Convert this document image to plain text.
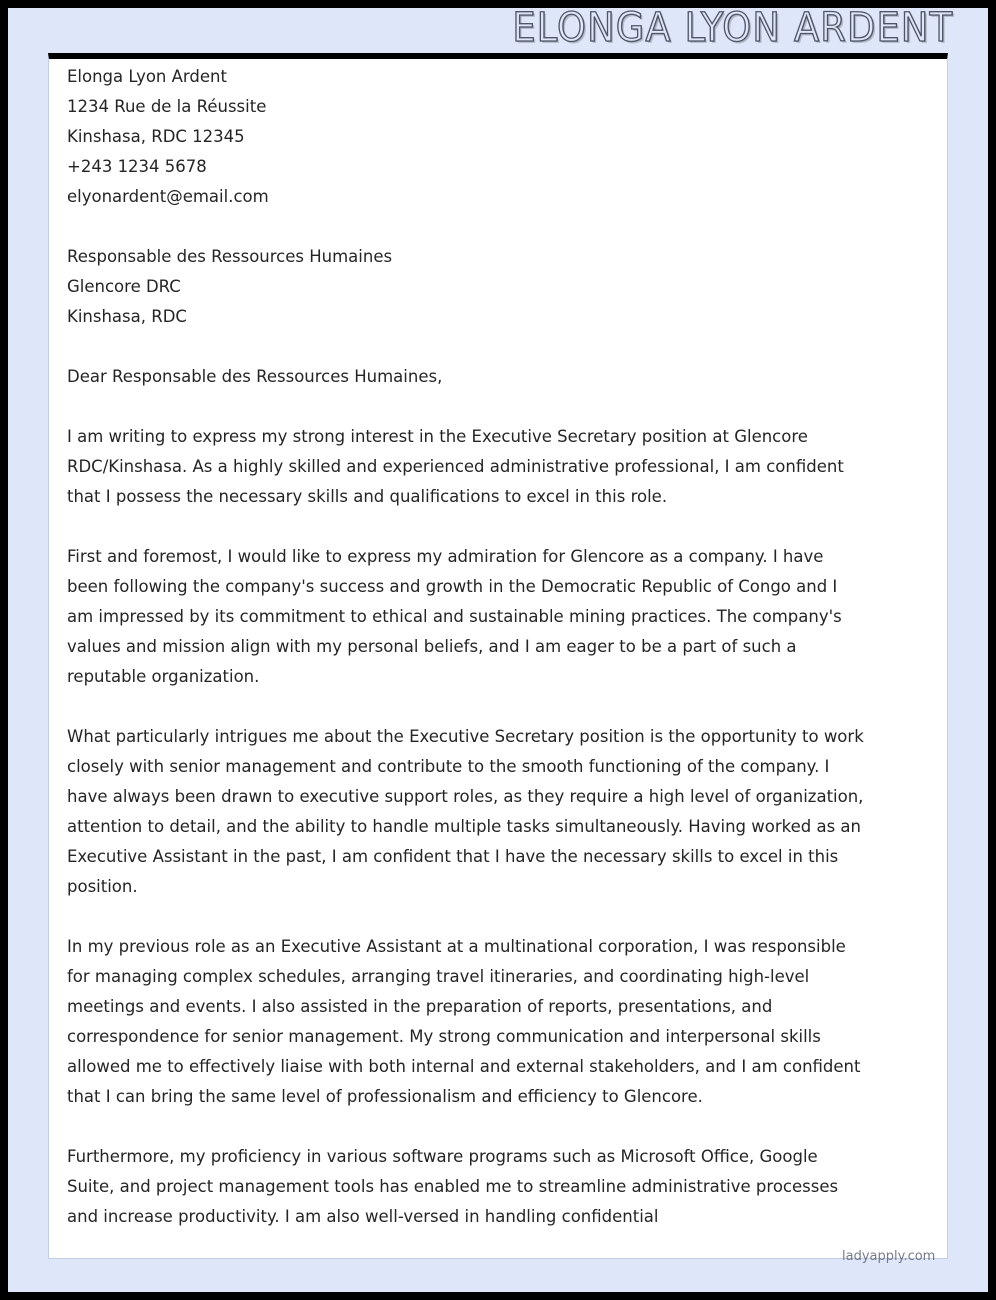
ELONGA LYON ARDENT
Elonga Lyon Ardent
1234 Rue de la Réussite
Kinshasa, RDC 12345
+243 1234 5678
elyonardent@email.com
Responsable des Ressources Humaines
Glencore DRC
Kinshasa, RDC
Dear Responsable des Ressources Humaines,

I am writing to express my strong interest in the Executive Secretary position at Glencore RDC/Kinshasa. As a highly skilled and experienced administrative professional, I am confident that I possess the necessary skills and qualifications to excel in this role.

First and foremost, I would like to express my admiration for Glencore as a company. I have been following the company's success and growth in the Democratic Republic of Congo and I am impressed by its commitment to ethical and sustainable mining practices. The company's values and mission align with my personal beliefs, and I am eager to be a part of such a reputable organization.

What particularly intrigues me about the Executive Secretary position is the opportunity to work closely with senior management and contribute to the smooth functioning of the company. I have always been drawn to executive support roles, as they require a high level of organization, attention to detail, and the ability to handle multiple tasks simultaneously. Having worked as an Executive Assistant in the past, I am confident that I have the necessary skills to excel in this position.

In my previous role as an Executive Assistant at a multinational corporation, I was responsible for managing complex schedules, arranging travel itineraries, and coordinating high-level meetings and events. I also assisted in the preparation of reports, presentations, and correspondence for senior management. My strong communication and interpersonal skills allowed me to effectively liaise with both internal and external stakeholders, and I am confident that I can bring the same level of professionalism and efficiency to Glencore.

Furthermore, my proficiency in various software programs such as Microsoft Office, Google Suite, and project management tools has enabled me to streamline administrative processes and increase productivity. I am also well-versed in handling confidential

ladyapply.com
